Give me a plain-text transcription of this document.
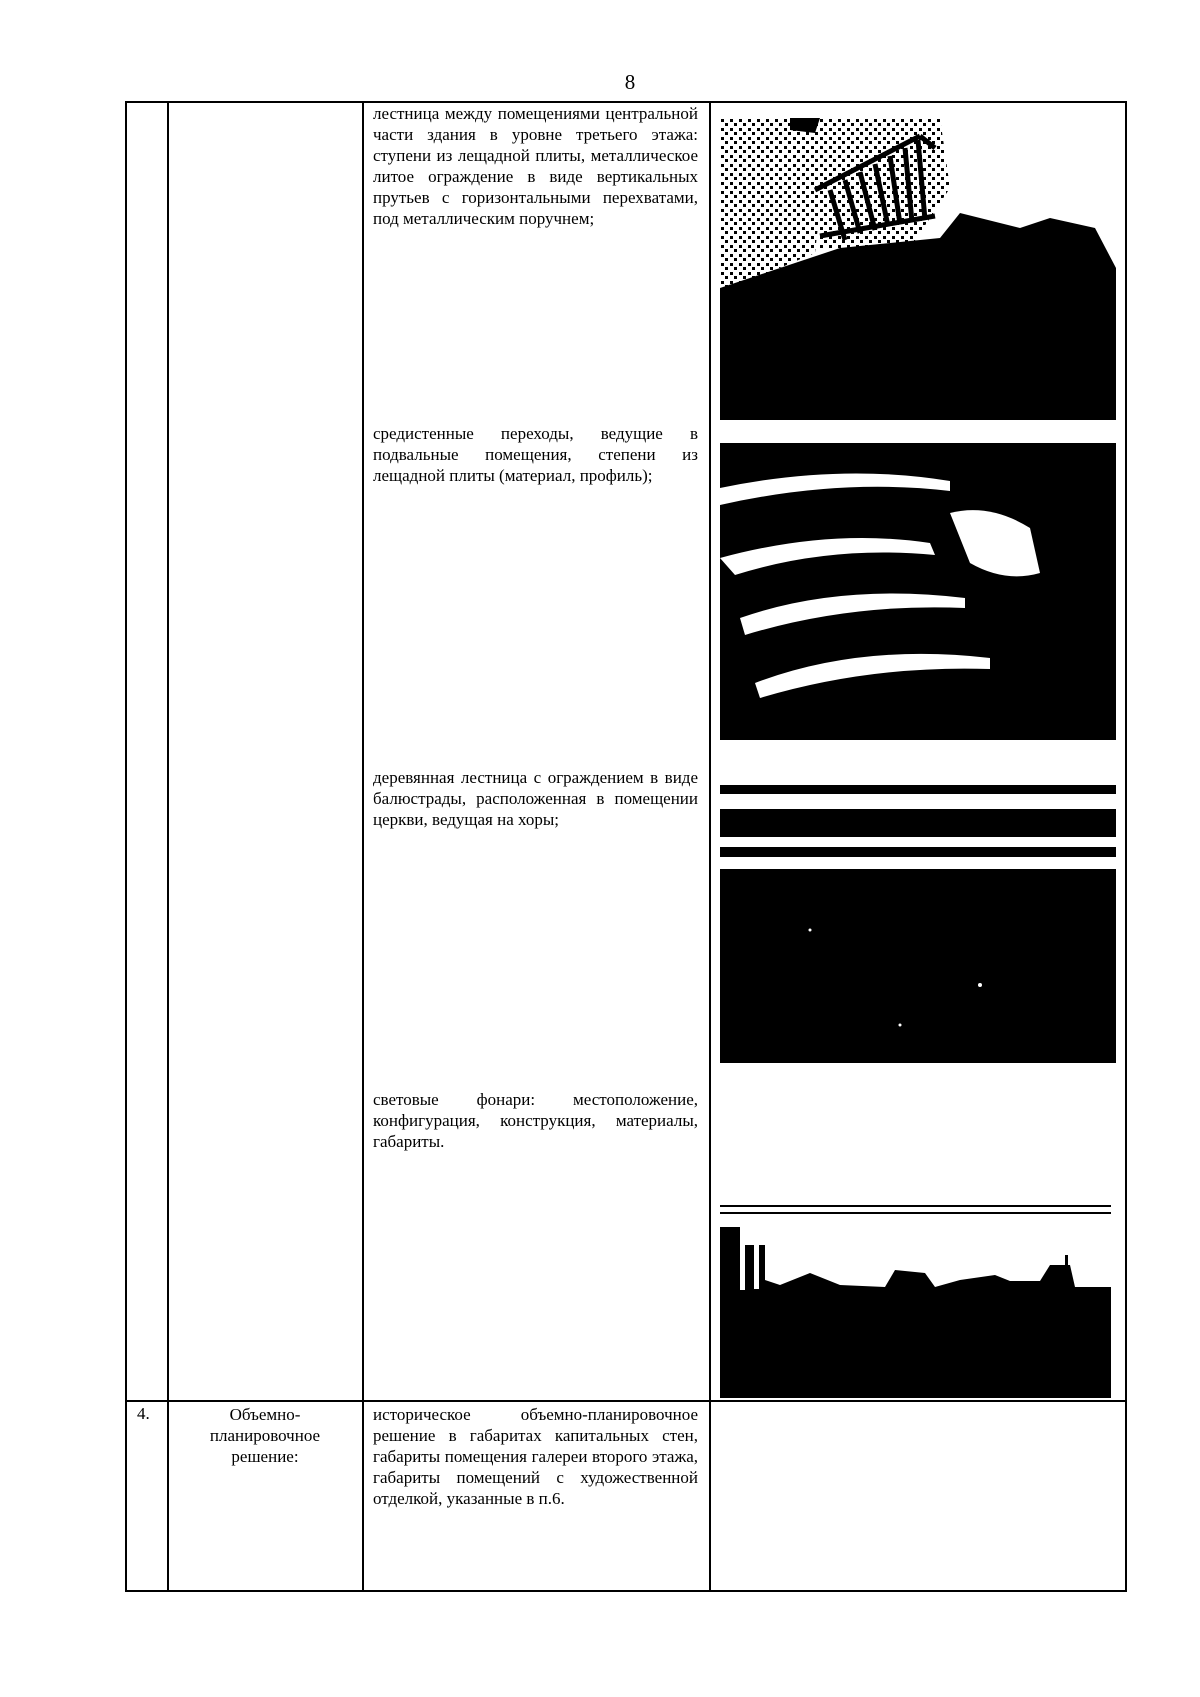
8
лестница между помещениями центральной части здания в уровне третьего этажа: ступени из лещадной плиты, металлическое литое ограждение в виде вертикальных прутьев с горизонтальными перехватами, под металлическим поручнем;
средистенные переходы, ведущие в подвальные помещения, степени из лещадной плиты (материал, профиль);
деревянная лестница с ограждением в виде балюстрады, расположенная в помещении церкви, ведущая на хоры;
световые фонари: местоположение, конфигурация, конструкция, материалы, габариты.
4.	Объемно-планировочное решение:
историческое объемно-планировочное решение в габаритах капитальных стен, габариты помещения галереи второго этажа, габариты помещений с художественной отделкой, указанные в п.6.
